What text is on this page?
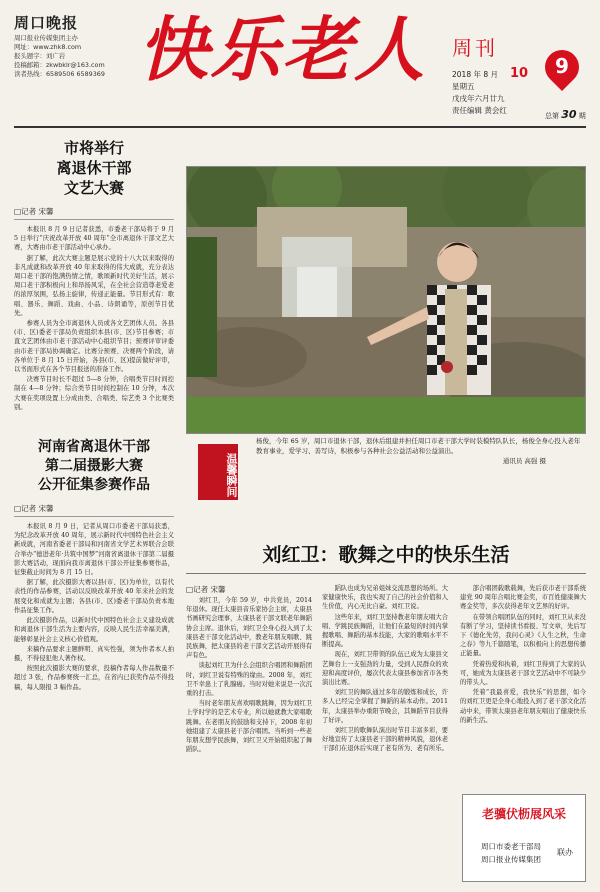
周口晚报
周口报业传媒集团主办
网址：www.zhk8.com
报头题字：刘广岩
投稿邮箱：zkwbklr@163.com
读者热线：6589506 6589369 快乐老人 周刊
9
2018 年 8 月 10
星期五
戊戌年六月廿九
责任编辑 黄会红
总第 30 期
市将举行
离退休干部
文艺大赛
□记者 宋馨

本报讯 8 月 9 日记者获悉，市委老干部局将于 9 月 5 日举行“庆祝改革开放 40 周年”全市离退休干部文艺大赛，大赛由市老干部活动中心承办。

据了解，此次大赛主题是展示党的十八大以来取得的非凡成就和改革开放 40 年来取得的伟大成就，充分表达周口老干部的饱满热情之情，歌颂新时代美好生活，展示周口老干部积极向上和昂扬风采，在全社会营造尊老爱老的浓厚氛围，弘扬主旋律，传递正能量。节目形式有：歌唱、器乐、舞蹈、戏曲、小品、诗朗诵等，原创节目优先。

参赛人员为全市离退休人员或各文艺团体人员。各县(市、区)委老干部局负责组织本县(市、区)节目参赛；市直文艺团体由市老干部活动中心组织节目；预赛评审评委由市老干部局协调确定。比赛分预赛、决赛两个阶段，请各单位于 8 月 15 日开始，各县(市、区)提前做好评审，以书面形式在各个节目报送的准备工作。

决赛节目时长不超过 5—8 分钟，合唱类节目时间控制在 4—8 分钟；综合类节目时间控制在 10 分钟，本次大赛在奖项设置上分成由类、合唱类、综艺类 3 个比赛类别。

河南省离退休干部
第二届摄影大赛
公开征集参赛作品
□记者 宋馨

本报讯 8 月 9 日，记者从周口市委老干部局获悉，为纪念改革开放 40 周年，展示新时代中国特色社会主义新成就，河南省委老干部局和河南省文学艺术界联合会联合举办“德进老年·共筑中国梦”河南省离退休干部第二届摄影大赛活动，现面向我市离退休干部公开征集参赛作品，征集截止时间为 8 月 15 日。

据了解，此次摄影大赛以县(市、区)为单位，以有代表性的作品参赛，活动以反映改革开放 40 年来社会的发展变化和成就为主题；各县(市、区)委老干部局负责本地作品征集工作。

此次摄影作品，以新时代中国特色社会主义建设成就和离退休干部生活为主要内容，反映人民生活幸福美满，能够彰显社会主义核心价值观。

来稿作品要求主题鲜明、真实性强，须为作者本人拍摄，不得侵犯他人著作权。

按照此次摄影大赛的要求，投稿作者每人作品数量不超过 3 张，作品参赛统一汇总，在省内已获奖作品不得投稿，每人限报 3 幅作品。

温馨瞬间
杨俊，今年 65 岁，周口市退休干部，退休后组建并担任周口市老干部大学时装模特队队长，杨俊全身心投入老年教育事业，爱学习、善写诗，积极参与各种社会公益活动和公益演出。
通讯员 高强 摄
刘红卫：歌舞之中的快乐生活
□记者 宋馨

刘红卫，今年 59 岁，中共党员，2014 年退休。现任太康县音乐家协会主席，太康县书画研究会理事，太康县老干部文联老年舞蹈协会主席。退休后，刘红卫全身心投入到了太康县老干部文化活动中，教老年朋友唱歌、跳民族舞，把太康县的老干部文艺活动开展得有声有色。

谈起刘红卫为什么会组织合唱团和舞蹈团时，刘红卫说有特殊的缘由。2008 年，刘红卫不幸患上了乳腺癌。当时对她来说是一次沉重的打击。

当时老年朋友喜欢唱歌跳舞，因为刘红卫上学时学的是艺术专业，所以她就教大家唱歌跳舞。在老朋友的鼓励和支持下，2008 年初她组建了太康县老干部合唱团。当听到一些老年朋友想学民族舞，刘红卫又开始组织起了舞蹈队。

蹈队也成为兄弟姐妹交流思想的场所。大家健康快乐，我也实现了自己的社会价值和人生价值，内心无比自豪。刘红卫说。

这些年来，刘红卫坚持教老年朋友唱大合唱、学跳民族舞蹈，让他们在最短的时间内掌握歌唱、舞蹈的基本技能，大家的歌唱水平不断提高。

现在，刘红卫带领的队伍已成为太康县文艺舞台上一支强劲的力量，受到人民群众的欢迎和高度评价，屡次代表太康县参加省市各类演出比赛。

刘红卫的舞队通过多年的锻炼和成长，许多人已经完全掌握了舞蹈的基本动作。2011 年，太康县举办重阳节晚会，其舞蹈节目获得了好评。

刘红卫的歌舞队演出时节目丰富多彩，要好地宣传了太康县老干部的精神风貌，退休老干部们在退休后实现了老有所为、老有所乐。

部合唱团载歌载舞，先后获市老干部系统建党 90 周年合唱比赛金奖，市百姓健康舞大赛金奖等，多次获得老年文艺界的好评。

在带领合唱团队伍的同时，刘红卫从来没有断了学习，坚持读书看报、写文章，先后写下《德化先劳，我问心灵》《人生之秋，生命之春》等九千篇随笔，以积极向上的思想传播正能量。

凭着热爱和执着，刘红卫得到了大家的认可，她成为太康县老干部文艺活动中不可缺少的带头人。

凭着“我最喜爱，我快乐”的思想，如今的刘红卫更是全身心地投入到了老干部文化活动中来，带领太康县老年朋友唱出了健康快乐的新生活。

老骥伏枥展风采
周口市委老干部局
周口报业传媒集团
联办
